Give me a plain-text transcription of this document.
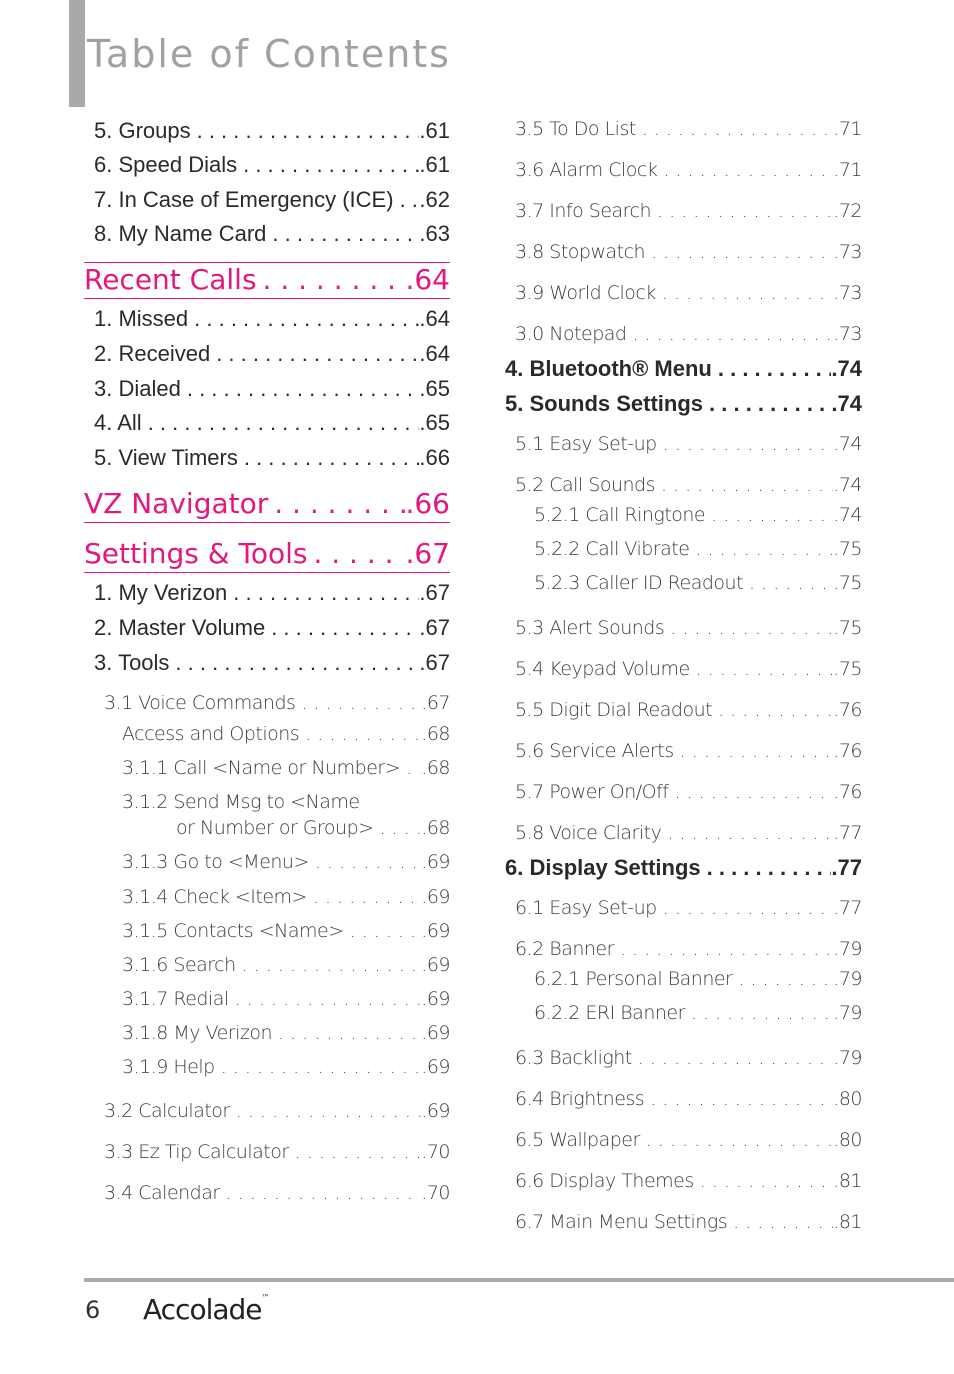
Table of Contents
5. Groups . . .	.61
6. Speed Dials . . .	.61
7. In Case of Emergency (ICE) . . . .62
8. My Name Card . . .	.63
Recent Calls . . .	.64
1. Missed . . .	.64
2. Received . . .	.64
3. Dialed . . .	.65
4. All . . .	.65
5. View Timers . . .	.66
VZ Navigator . . .	.66
Settings & Tools . . .	.67
1. My Verizon . . .	.67
2. Master Volume . . .	.67
3. Tools . . .	.67
3.1 Voice Commands . . .	.67
Access and Options . . .	.68
3.1.1 Call <Name or Number> . . . .68
3.1.2 Send Msg to <Name
or Number or Group> . . .	.68
3.1.3 Go to <Menu> . . .	.69
3.1.4 Check <Item> . . .	.69
3.1.5 Contacts <Name> . . .	.69
3.1.6 Search . . .	.69
3.1.7 Redial . . .	.69
3.1.8 My Verizon . . .	.69
3.1.9 Help . . .	.69
3.2 Calculator . . .	.69
3.3 Ez Tip Calculator . . .	.70
3.4 Calendar . . .	.70
3.5 To Do List . . .	.71
3.6 Alarm Clock . . .	.71
3.7 Info Search . . .	.72
3.8 Stopwatch . . .	.73
3.9 World Clock . . .	.73
3.0 Notepad . . .	.73
4. Bluetooth® Menu . . .	.74
5. Sounds Settings . . .	.74
5.1 Easy Set-up . . .	.74
5.2 Call Sounds . . .	.74
5.2.1 Call Ringtone . . .	.74
5.2.2 Call Vibrate . . .	.75
5.2.3 Caller ID Readout . . .	.75
5.3 Alert Sounds . . .	.75
5.4 Keypad Volume . . .	.75
5.5 Digit Dial Readout . . .	.76
5.6 Service Alerts . . .	.76
5.7 Power On/Off . . .	.76
5.8 Voice Clarity . . .	.77
6. Display Settings . . .	.77
6.1 Easy Set-up . . .	.77
6.2 Banner . . .	.79
6.2.1 Personal Banner . . .	.79
6.2.2 ERI Banner . . .	.79
6.3 Backlight . . .	.79
6.4 Brightness . . .	.80
6.5 Wallpaper . . .	.80
6.6 Display Themes . . .	.81
6.7 Main Menu Settings . . .	.81
6 Accolade™
